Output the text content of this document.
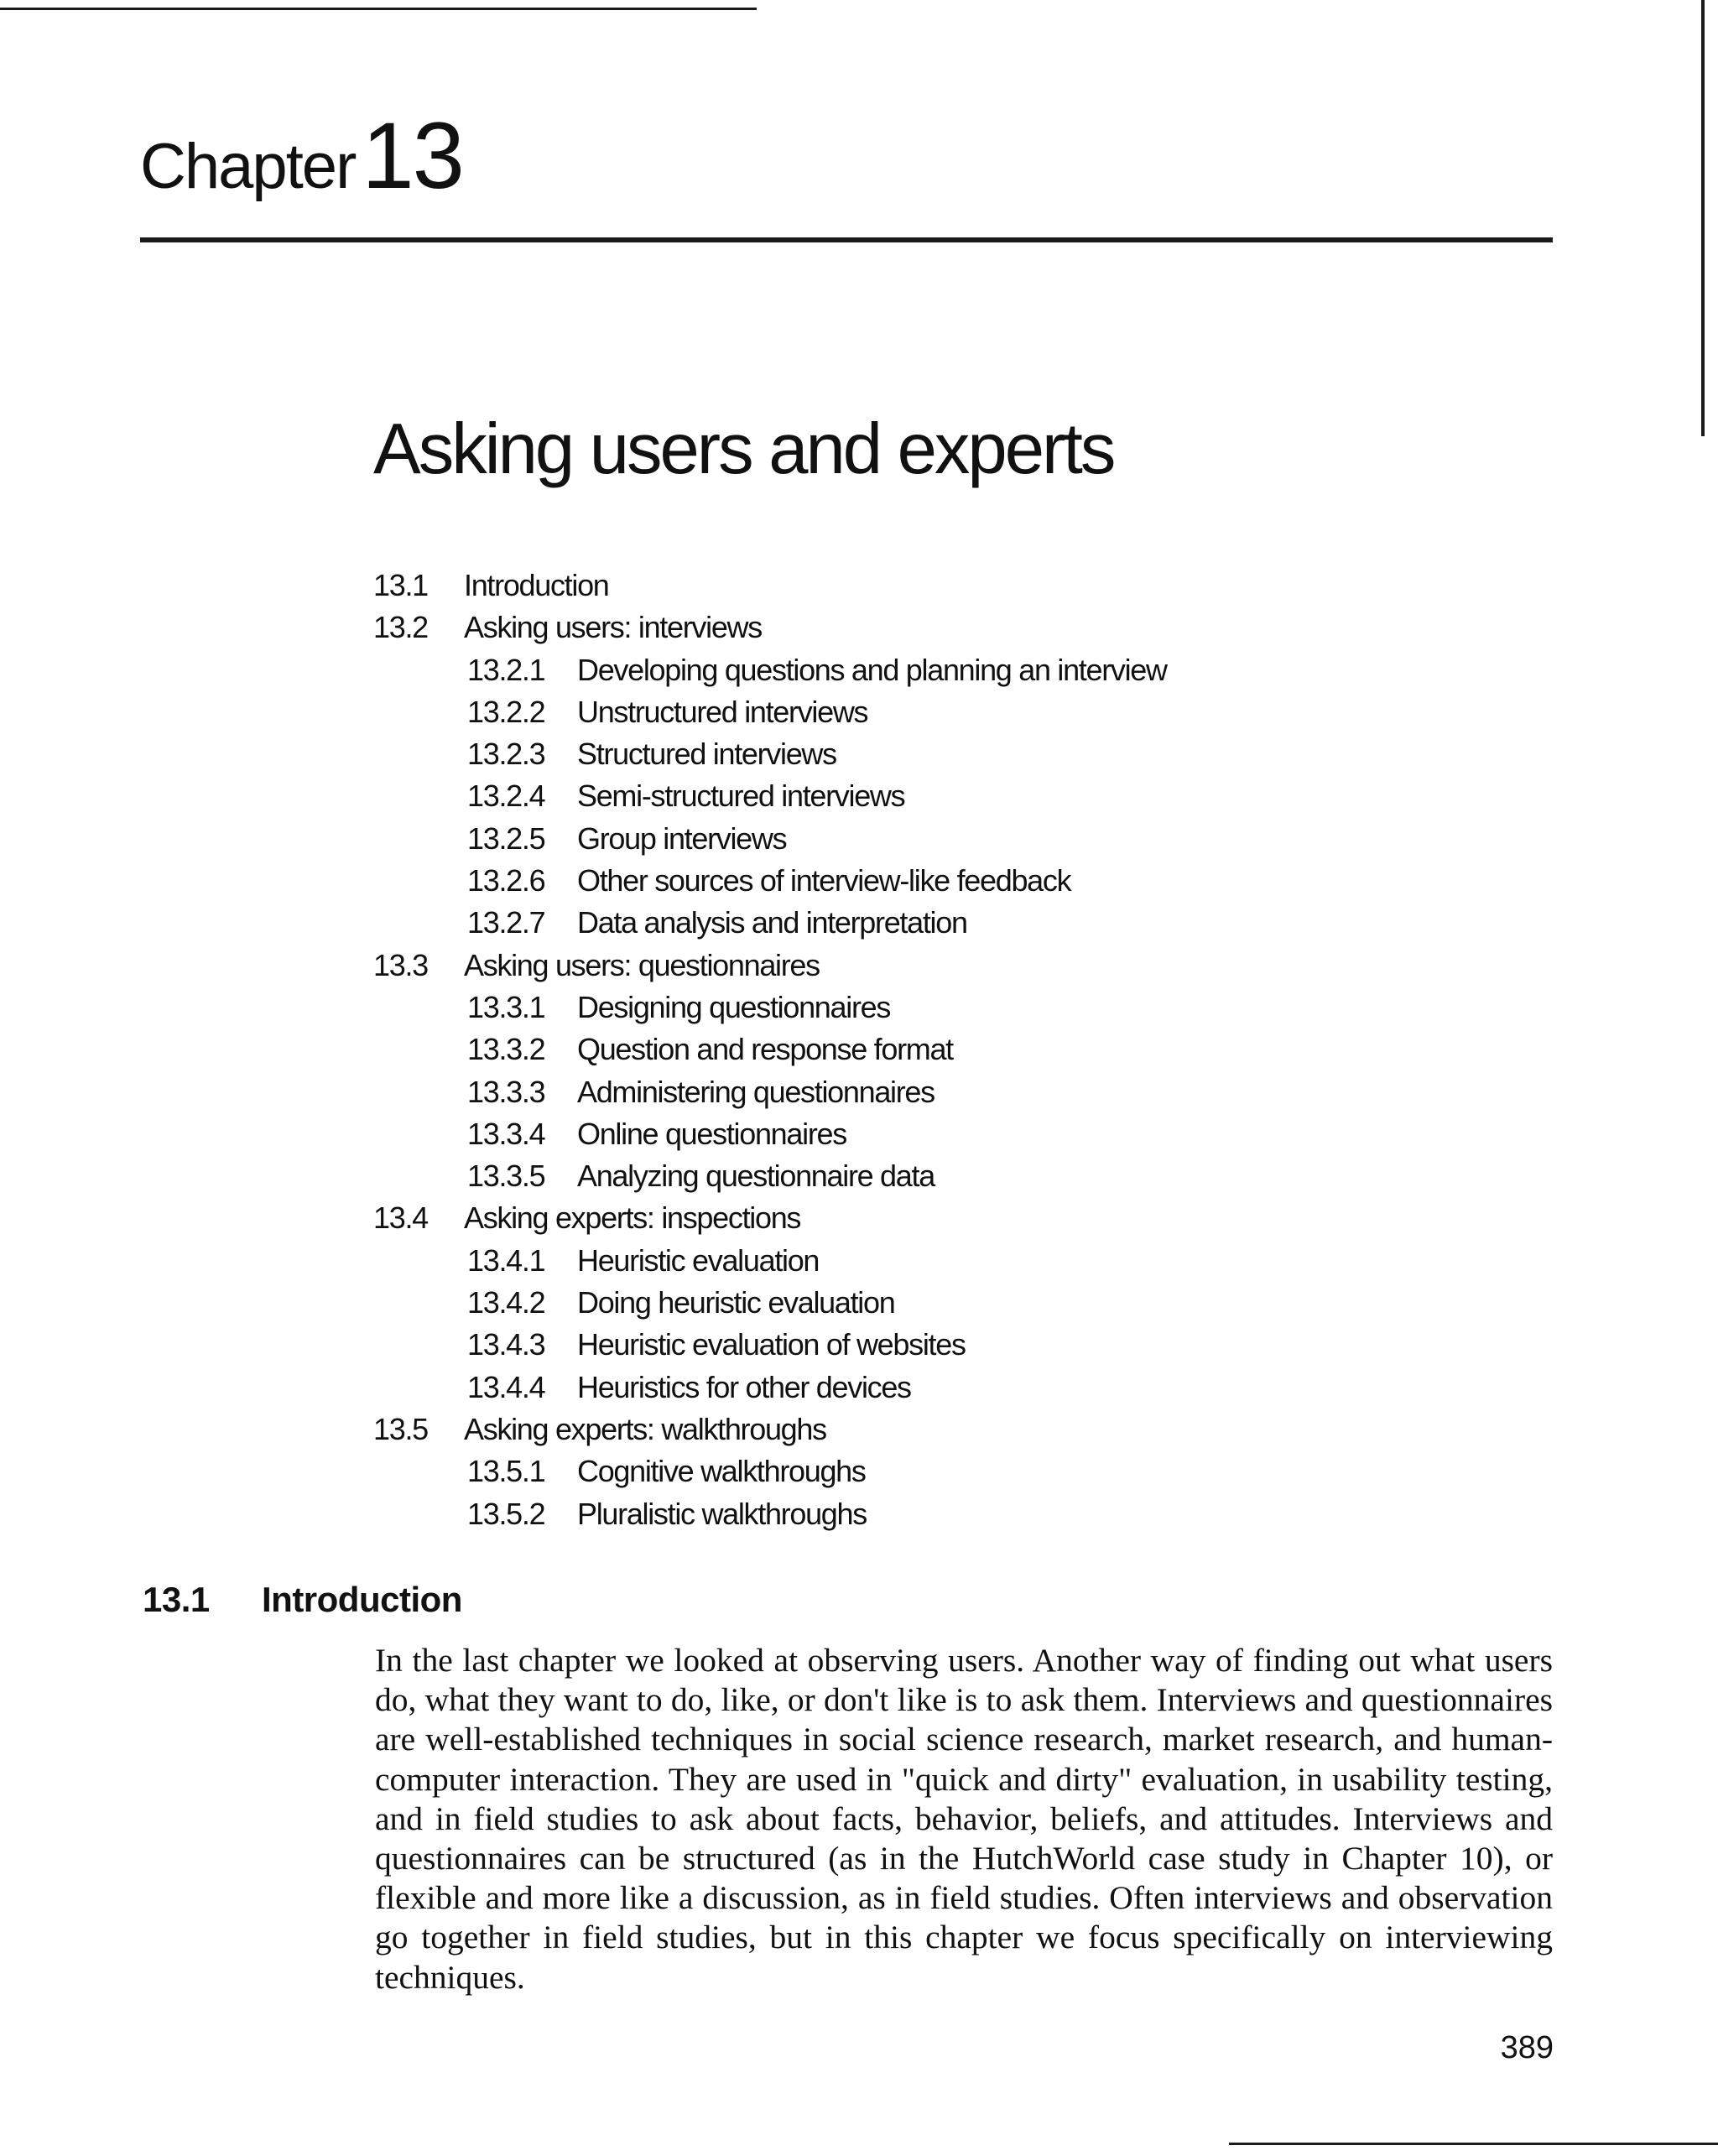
Chapter13
Asking users and experts
13.1 Introduction
13.2 Asking users: interviews
13.2.1 Developing questions and planning an interview
13.2.2 Unstructured interviews
13.2.3 Structured interviews
13.2.4 Semi-structured interviews
13.2.5 Group interviews
13.2.6 Other sources of interview-like feedback
13.2.7 Data analysis and interpretation
13.3 Asking users: questionnaires
13.3.1 Designing questionnaires
13.3.2 Question and response format
13.3.3 Administering questionnaires
13.3.4 Online questionnaires
13.3.5 Analyzing questionnaire data
13.4 Asking experts: inspections
13.4.1 Heuristic evaluation
13.4.2 Doing heuristic evaluation
13.4.3 Heuristic evaluation of websites
13.4.4 Heuristics for other devices
13.5 Asking experts: walkthroughs
13.5.1 Cognitive walkthroughs
13.5.2 Pluralistic walkthroughs
13.1 Introduction

In the last chapter we looked at observing users. Another way of finding out what users do, what they want to do, like, or don't like is to ask them. Interviews and questionnaires are well-established techniques in social science research, market research, and human-computer interaction. They are used in "quick and dirty" evaluation, in usability testing, and in field studies to ask about facts, behavior, beliefs, and attitudes. Interviews and questionnaires can be structured (as in the HutchWorld case study in Chapter 10), or flexible and more like a discussion, as in field studies. Often interviews and observation go together in field studies, but in this chapter we focus specifically on interviewing techniques.

389
